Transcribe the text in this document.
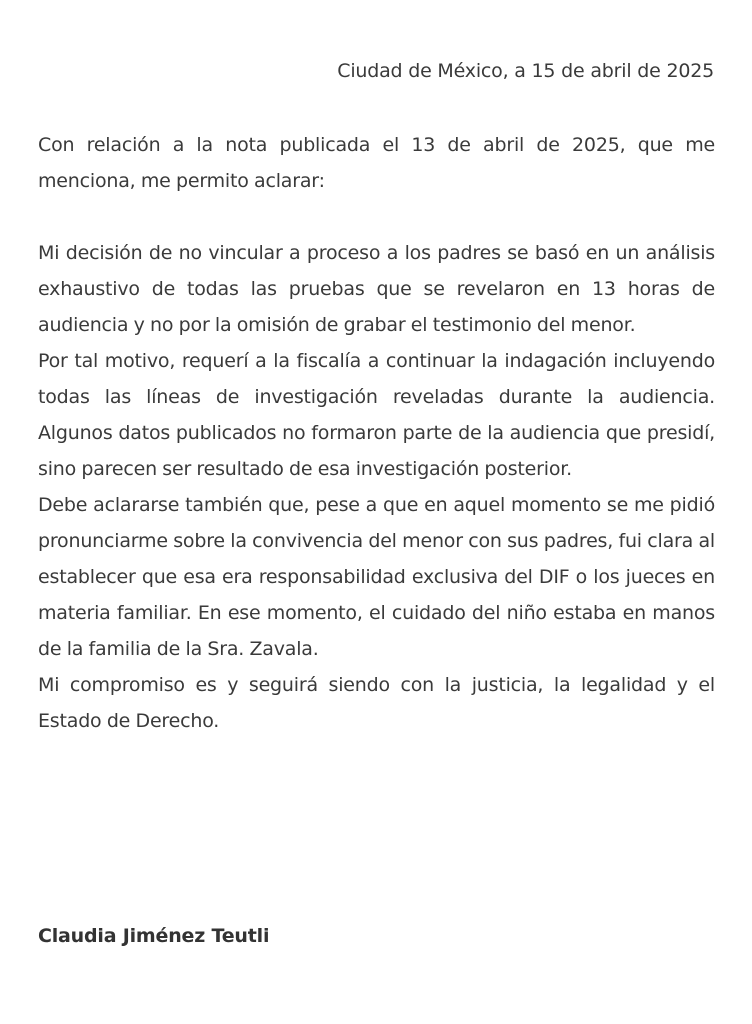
Ciudad de México, a 15 de abril de 2025

Con relación a la nota publicada el 13 de abril de 2025, que me menciona, me permito aclarar:

Mi decisión de no vincular a proceso a los padres se basó en un análisis exhaustivo de todas las pruebas que se revelaron en 13 horas de audiencia y no por la omisión de grabar el testimonio del menor.

Por tal motivo, requerí a la fiscalía a continuar la indagación incluyendo todas las líneas de investigación reveladas durante la audiencia. Algunos datos publicados no formaron parte de la audiencia que presidí, sino parecen ser resultado de esa investigación posterior.

Debe aclararse también que, pese a que en aquel momento se me pidió pronunciarme sobre la convivencia del menor con sus padres, fui clara al establecer que esa era responsabilidad exclusiva del DIF o los jueces en materia familiar. En ese momento, el cuidado del niño estaba en manos de la familia de la Sra. Zavala.

Mi compromiso es y seguirá siendo con la justicia, la legalidad y el Estado de Derecho.

Claudia Jiménez Teutli
